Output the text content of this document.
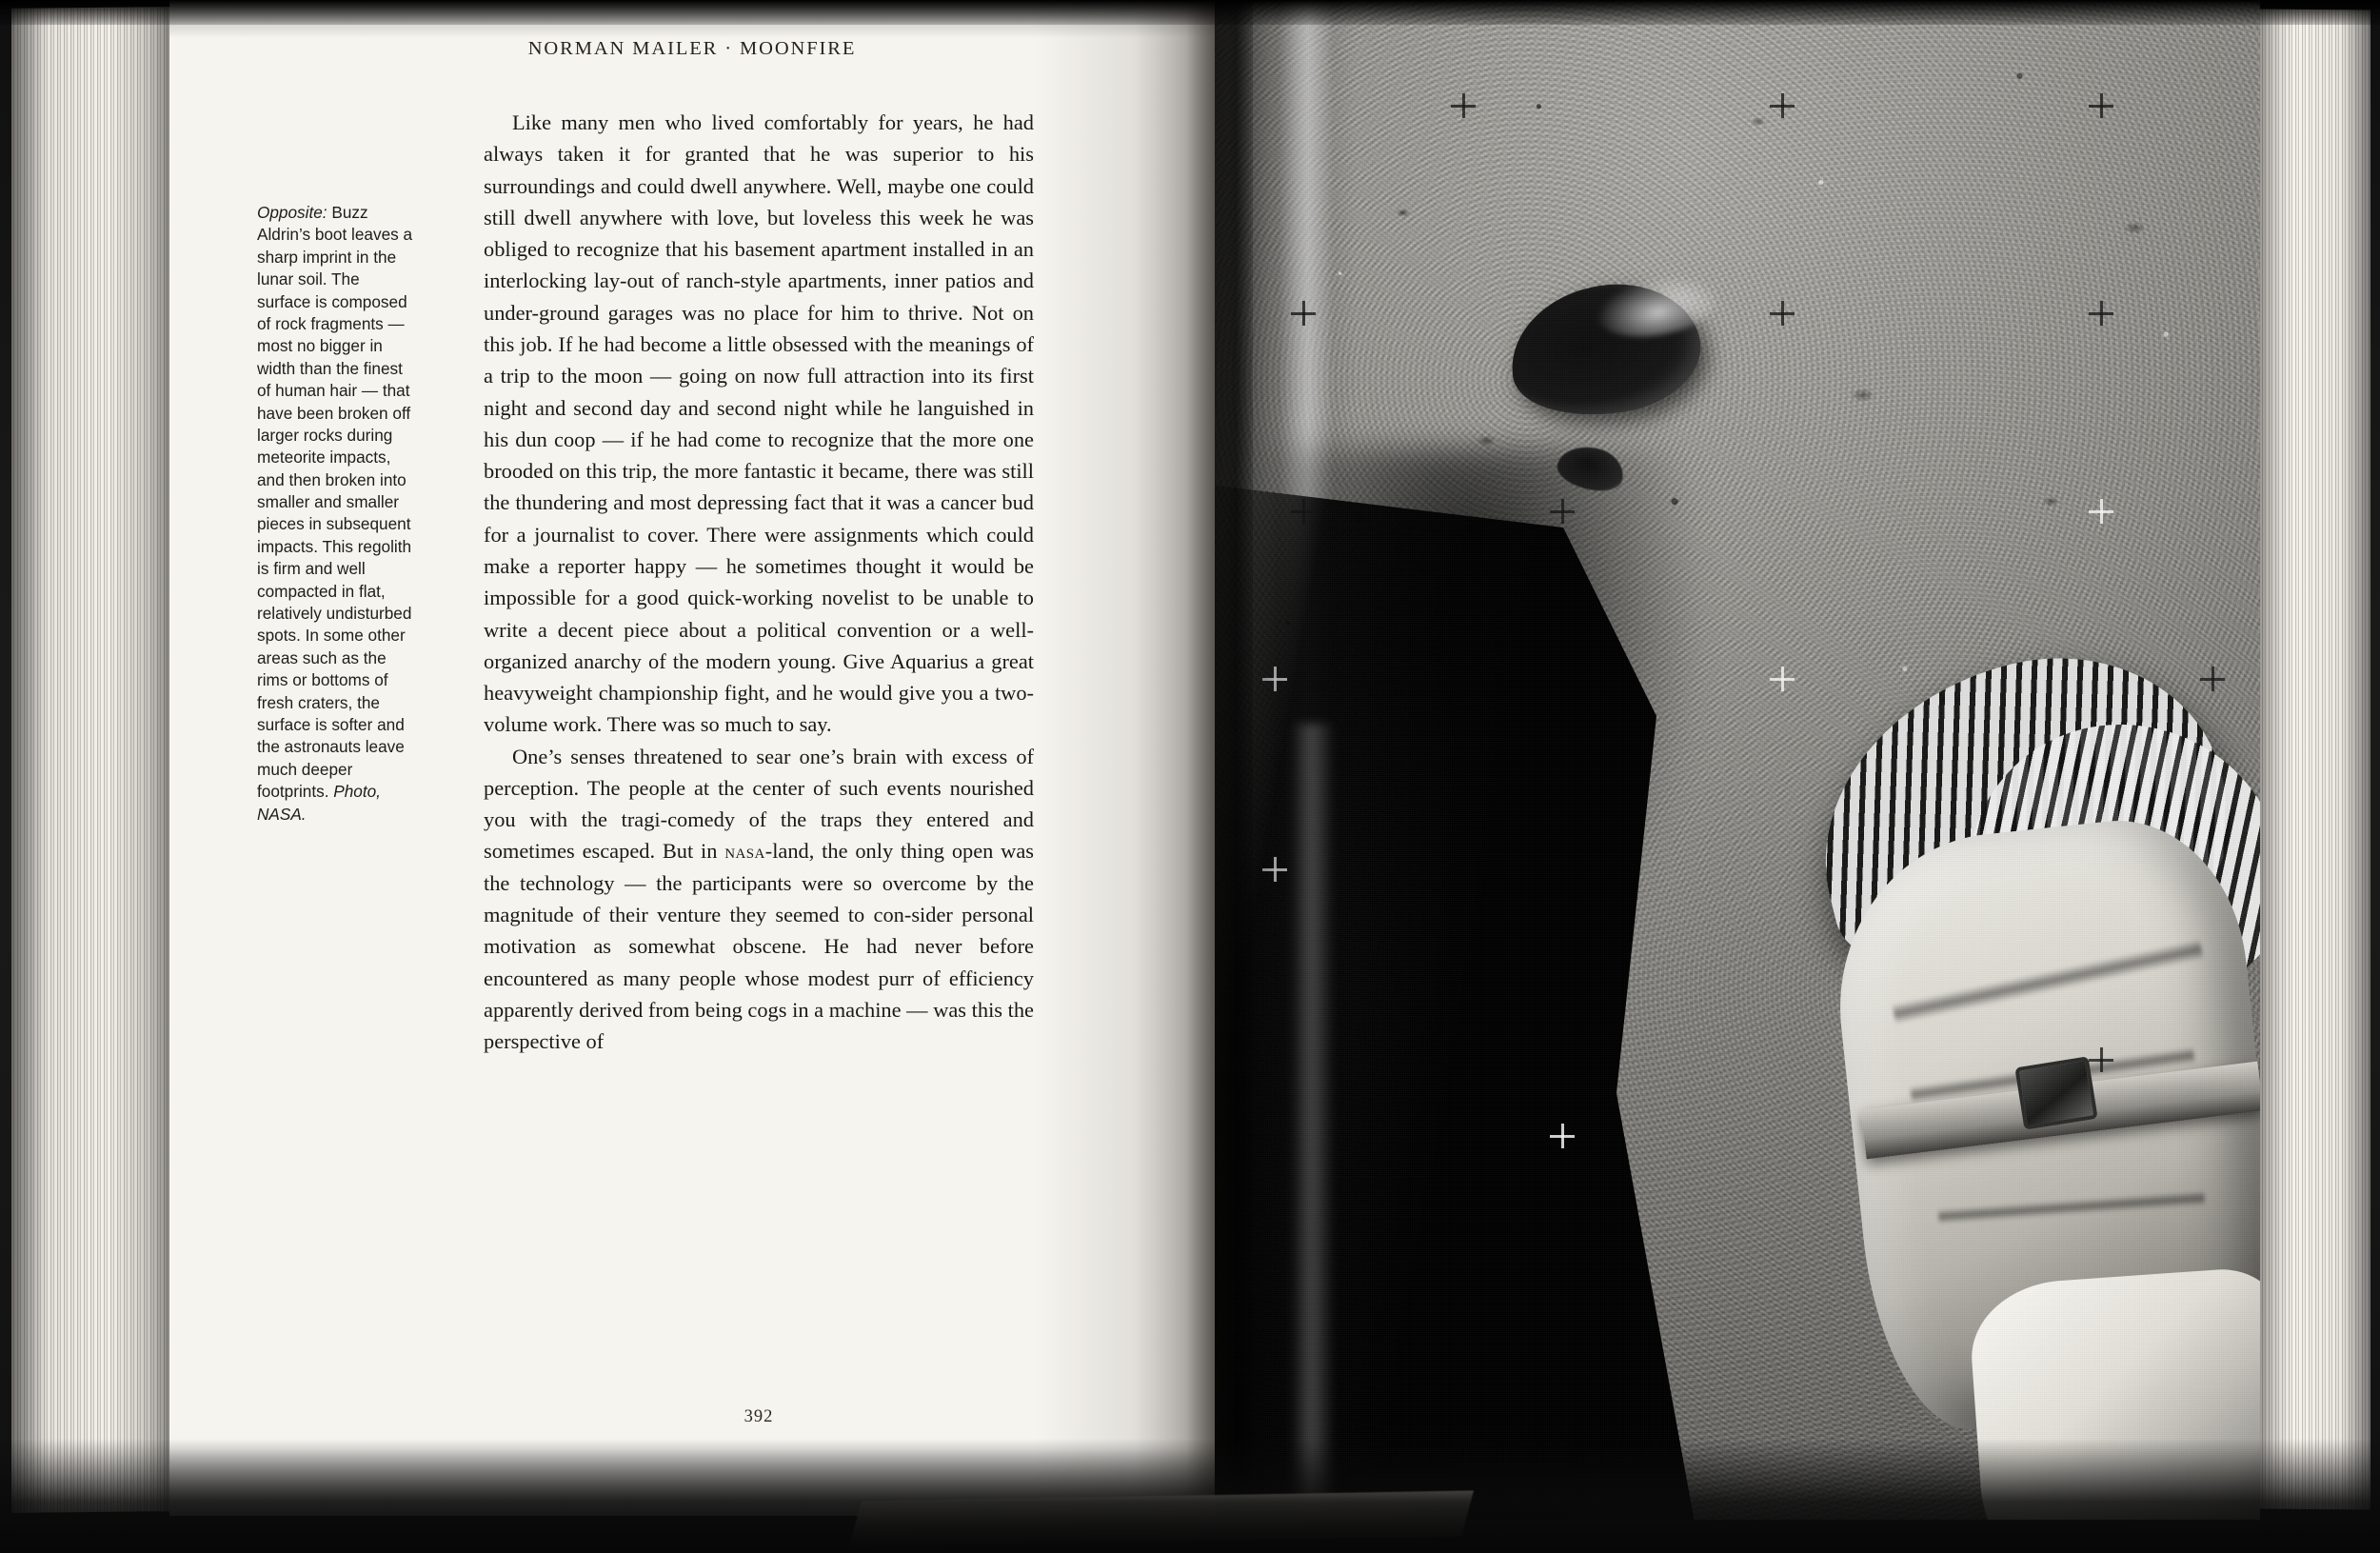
NORMAN MAILER · MOONFIRE
Opposite: Buzz Aldrin’s boot leaves a sharp imprint in the lunar soil. The surface is composed of rock fragments — most no bigger in width than the finest of human hair — that have been broken off larger rocks during meteorite impacts, and then broken into smaller and smaller pieces in subsequent impacts. This regolith is firm and well compacted in flat, relatively undisturbed spots. In some other areas such as the rims or bottoms of fresh craters, the surface is softer and the astronauts leave much deeper footprints. Photo, NASA.

Like many men who lived comfortably for years, he had always taken it for granted that he was superior to his surroundings and could dwell anywhere. Well, maybe one could still dwell anywhere with love, but loveless this week he was obliged to recognize that his basement apartment installed in an interlocking lay-out of ranch-style apartments, inner patios and under-ground garages was no place for him to thrive. Not on this job. If he had become a little obsessed with the meanings of a trip to the moon — going on now full attraction into its first night and second day and second night while he languished in his dun coop — if he had come to recognize that the more one brooded on this trip, the more fantastic it became, there was still the thundering and most depressing fact that it was a cancer bud for a journalist to cover. There were assignments which could make a reporter happy — he sometimes thought it would be impossible for a good quick-working novelist to be unable to write a decent piece about a political convention or a well-organized anarchy of the modern young. Give Aquarius a great heavyweight championship fight, and he would give you a two-volume work. There was so much to say.

One’s senses threatened to sear one’s brain with excess of perception. The people at the center of such events nourished you with the tragi-comedy of the traps they entered and sometimes escaped. But in nasa-land, the only thing open was the technology — the participants were so overcome by the magnitude of their venture they seemed to con-sider personal motivation as somewhat obscene. He had never before encountered as many people whose modest purr of efficiency apparently derived from being cogs in a machine — was this the perspective of

392
